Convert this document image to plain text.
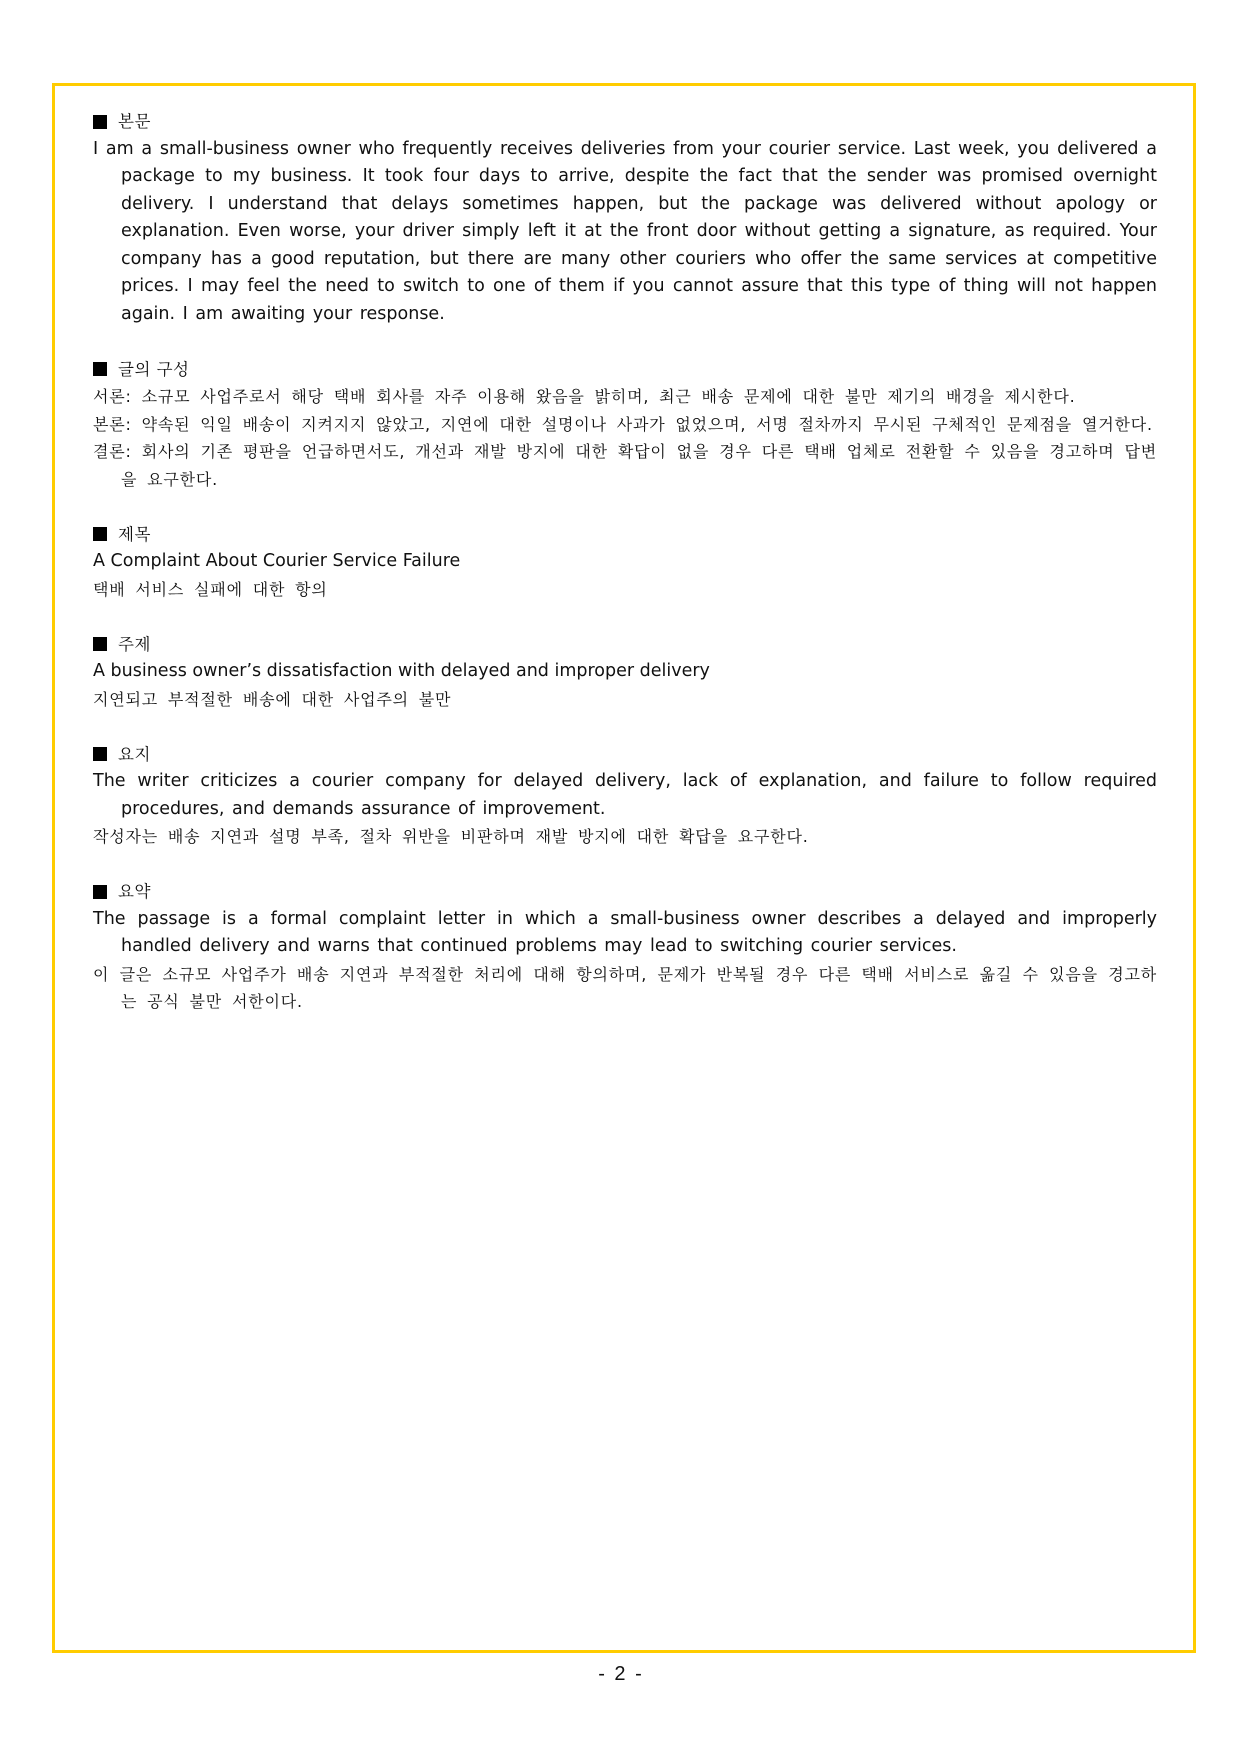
본문

I am a small-business owner who frequently receives deliveries from your courier service. Last week, you delivered a package to my business. It took four days to arrive, despite the fact that the sender was promised overnight delivery. I understand that delays sometimes happen, but the package was delivered without apology or explanation. Even worse, your driver simply left it at the front door without getting a signature, as required. Your company has a good reputation, but there are many other couriers who offer the same services at competitive prices. I may feel the need to switch to one of them if you cannot assure that this type of thing will not happen again. I am awaiting your response.

글의 구성

서론: 소규모 사업주로서 해당 택배 회사를 자주 이용해 왔음을 밝히며, 최근 배송 문제에 대한 불만 제기의 배경을 제시한다.

본론: 약속된 익일 배송이 지켜지지 않았고, 지연에 대한 설명이나 사과가 없었으며, 서명 절차까지 무시된 구체적인 문제점을 열거한다.

결론: 회사의 기존 평판을 언급하면서도, 개선과 재발 방지에 대한 확답이 없을 경우 다른 택배 업체로 전환할 수 있음을 경고하며 답변을 요구한다.

제목

A Complaint About Courier Service Failure

택배 서비스 실패에 대한 항의

주제

A business owner’s dissatisfaction with delayed and improper delivery

지연되고 부적절한 배송에 대한 사업주의 불만

요지

The writer criticizes a courier company for delayed delivery, lack of explanation, and failure to follow required procedures, and demands assurance of improvement.

작성자는 배송 지연과 설명 부족, 절차 위반을 비판하며 재발 방지에 대한 확답을 요구한다.

요약

The passage is a formal complaint letter in which a small-business owner describes a delayed and improperly handled delivery and warns that continued problems may lead to switching courier services.

이 글은 소규모 사업주가 배송 지연과 부적절한 처리에 대해 항의하며, 문제가 반복될 경우 다른 택배 서비스로 옮길 수 있음을 경고하는 공식 불만 서한이다.

- 2 -
